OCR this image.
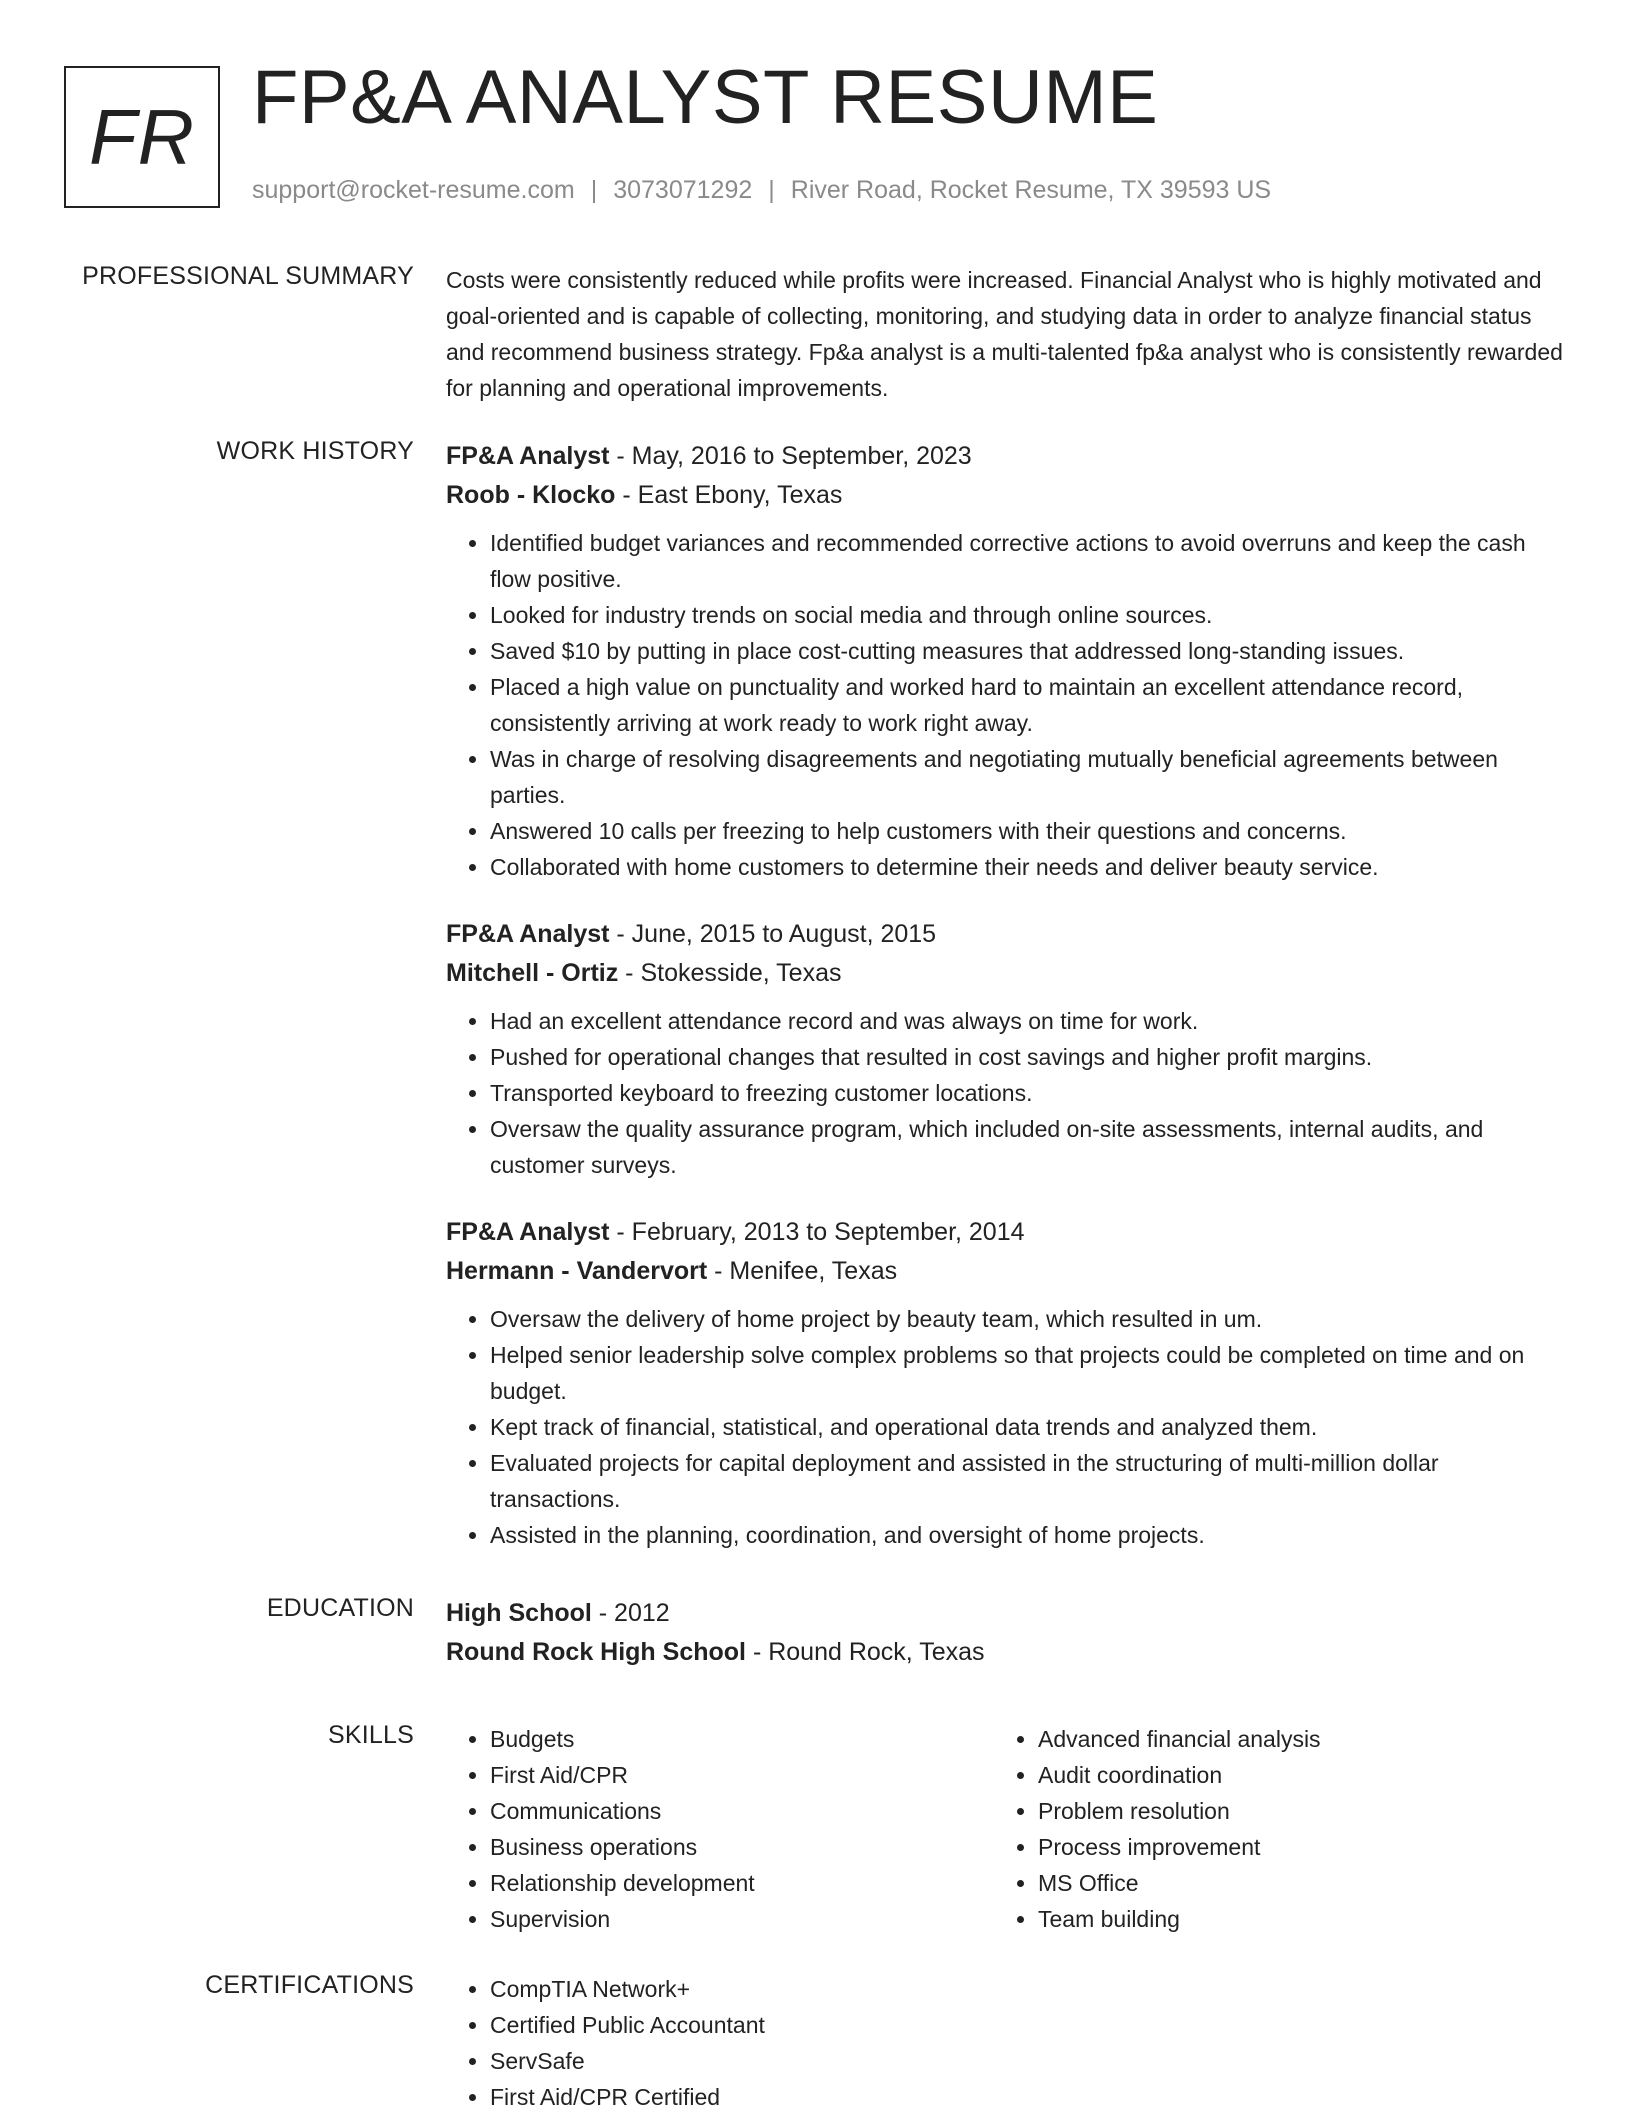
FR FP&A ANALYST RESUME
support@rocket-resume.com | 3073071292 | River Road, Rocket Resume, TX 39593 US
PROFESSIONAL SUMMARY Costs were consistently reduced while profits were increased. Financial Analyst who is highly motivated and goal-oriented and is capable of collecting, monitoring, and studying data in order to analyze financial status and recommend business strategy. Fp&a analyst is a multi-talented fp&a analyst who is consistently rewarded for planning and operational improvements.
WORK HISTORY FP&A Analyst - May, 2016 to September, 2023
Roob - Klocko - East Ebony, Texas
• Identified budget variances and recommended corrective actions to avoid overruns and keep the cash flow positive.
• Looked for industry trends on social media and through online sources.
• Saved $10 by putting in place cost-cutting measures that addressed long-standing issues.
• Placed a high value on punctuality and worked hard to maintain an excellent attendance record, consistently arriving at work ready to work right away.
• Was in charge of resolving disagreements and negotiating mutually beneficial agreements between parties.
• Answered 10 calls per freezing to help customers with their questions and concerns.
• Collaborated with home customers to determine their needs and deliver beauty service.
FP&A Analyst - June, 2015 to August, 2015
Mitchell - Ortiz - Stokesside, Texas
• Had an excellent attendance record and was always on time for work.
• Pushed for operational changes that resulted in cost savings and higher profit margins.
• Transported keyboard to freezing customer locations.
• Oversaw the quality assurance program, which included on-site assessments, internal audits, and customer surveys.
FP&A Analyst - February, 2013 to September, 2014
Hermann - Vandervort - Menifee, Texas
• Oversaw the delivery of home project by beauty team, which resulted in um.
• Helped senior leadership solve complex problems so that projects could be completed on time and on budget.
• Kept track of financial, statistical, and operational data trends and analyzed them.
• Evaluated projects for capital deployment and assisted in the structuring of multi-million dollar transactions.
• Assisted in the planning, coordination, and oversight of home projects.
EDUCATION High School - 2012
Round Rock High School - Round Rock, Texas
SKILLS	• Budgets
• First Aid/CPR
• Communications
• Business operations
• Relationship development
• Supervision
• Advanced financial analysis
• Audit coordination
• Problem resolution
• Process improvement
• MS Office
• Team building
CERTIFICATIONS	• CompTIA Network+
• Certified Public Accountant
• ServSafe
• First Aid/CPR Certified
